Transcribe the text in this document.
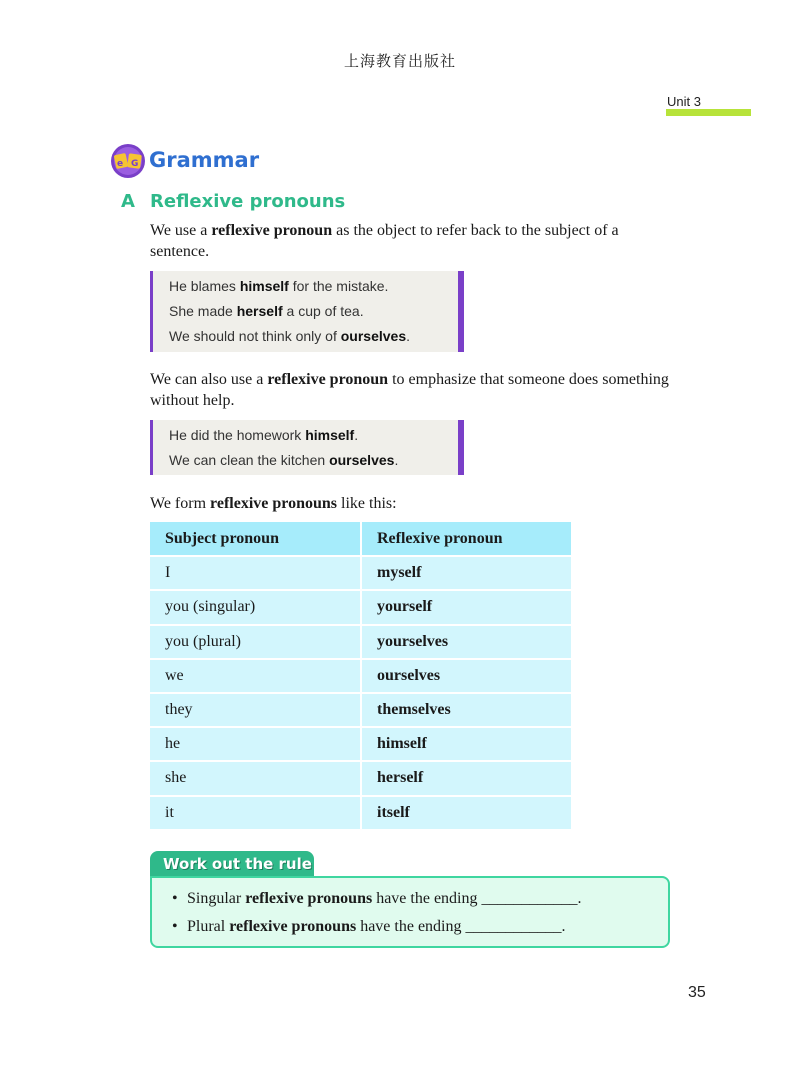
上海教育出版社
Unit 3
e G Grammar
A Reflexive pronouns
We use a reflexive pronoun as the object to refer back to the subject of a sentence.
He blames himself for the mistake.
She made herself a cup of tea.
We should not think only of ourselves.
We can also use a reflexive pronoun to emphasize that someone does something without help.
He did the homework himself.
We can clean the kitchen ourselves.
We form reflexive pronouns like this:
Subject pronoun	Reflexive pronoun
I	myself
you (singular)	yourself
you (plural)	yourselves
we	ourselves
they	themselves
he	himself
she	herself
it	itself
Work out the rule
• Singular reflexive pronouns have the ending ____________.
• Plural reflexive pronouns have the ending ____________.
35
